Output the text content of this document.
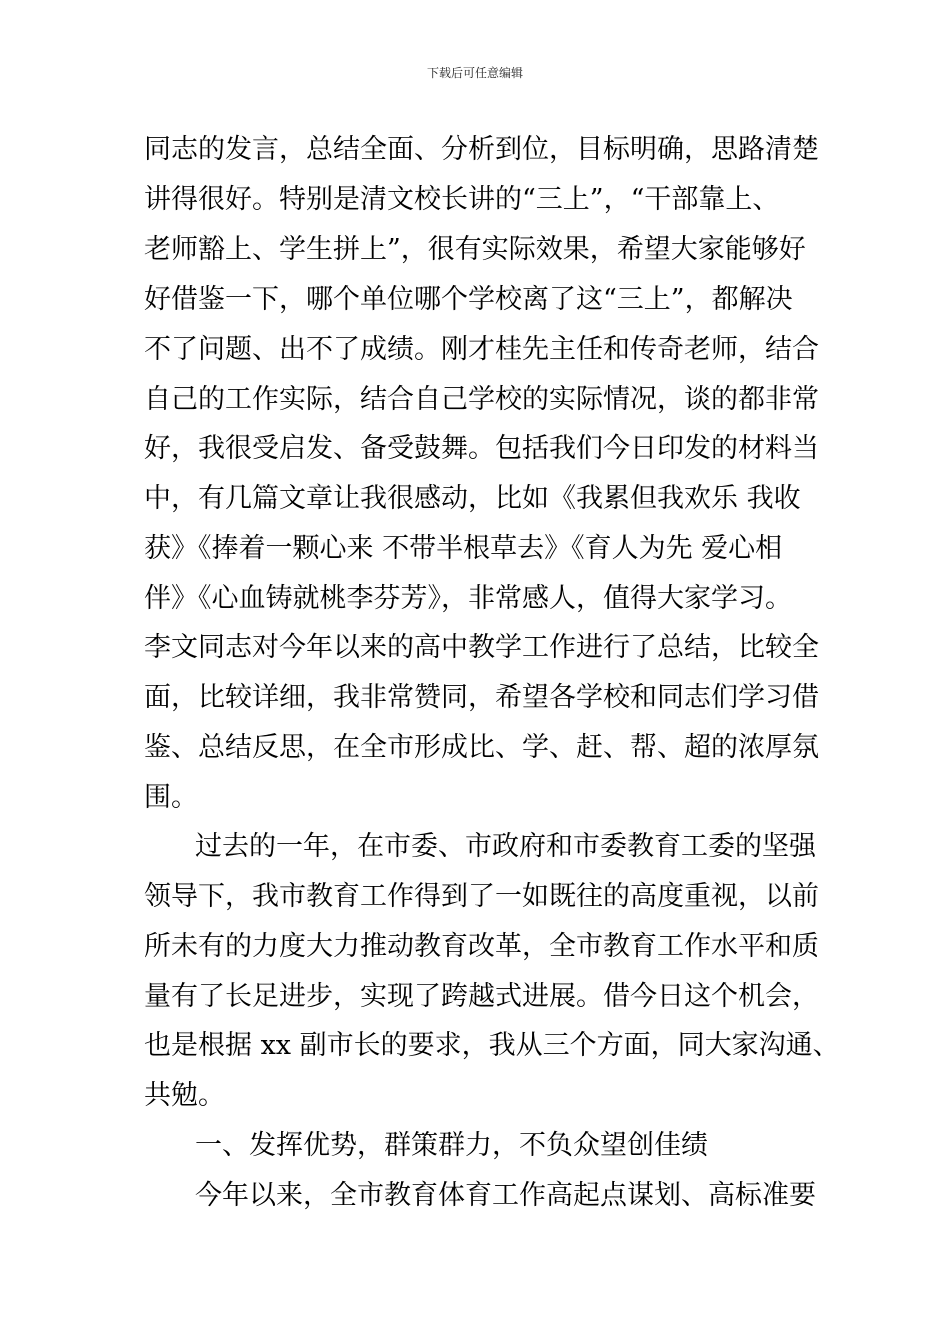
下载后可任意编辑
同志的发言，总结全面、分析到位，目标明确，思路清楚
讲得很好。特别是清文校长讲的“三上”，“干部靠上、
老师豁上、学生拼上”，很有实际效果，希望大家能够好
好借鉴一下，哪个单位哪个学校离了这“三上”，都解决
不了问题、出不了成绩。刚才桂先主任和传奇老师，结合
自己的工作实际，结合自己学校的实际情况，谈的都非常
好，我很受启发、备受鼓舞。包括我们今日印发的材料当
中，有几篇文章让我很感动，比如《我累但我欢乐 我收
获》《捧着一颗心来 不带半根草去》《育人为先 爱心相
伴》《心血铸就桃李芬芳》，非常感人，值得大家学习。
李文同志对今年以来的高中教学工作进行了总结，比较全
面，比较详细，我非常赞同，希望各学校和同志们学习借
鉴、总结反思，在全市形成比、学、赶、帮、超的浓厚氛
围。
过去的一年，在市委、市政府和市委教育工委的坚强
领导下，我市教育工作得到了一如既往的高度重视，以前
所未有的力度大力推动教育改革，全市教育工作水平和质
量有了长足进步，实现了跨越式进展。借今日这个机会，
也是根据 xx 副市长的要求，我从三个方面，同大家沟通、
共勉。
一、发挥优势，群策群力，不负众望创佳绩
今年以来，全市教育体育工作高起点谋划、高标准要
